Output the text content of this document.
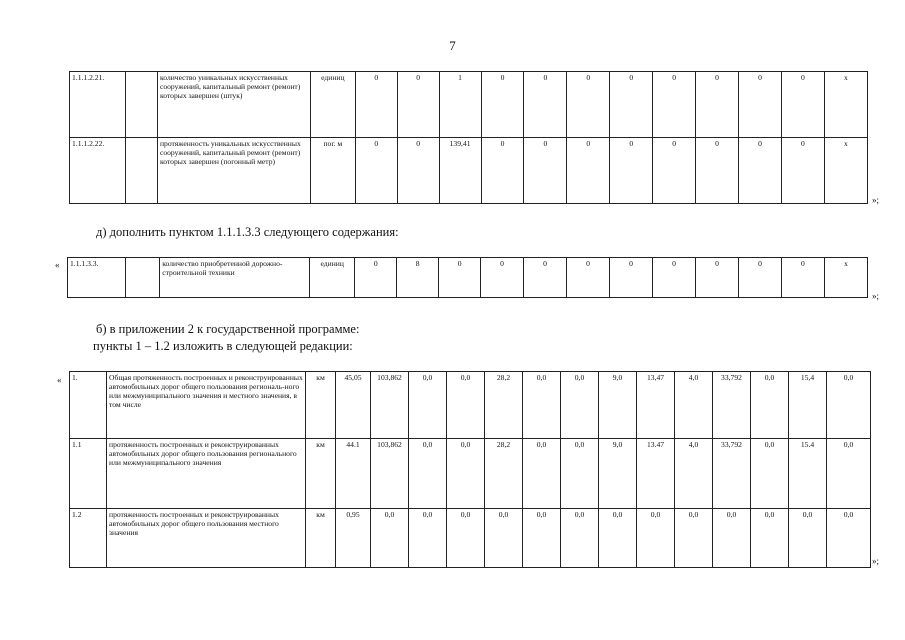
7
1.1.1.2.21.		количество уникальных искусственных сооружений, капитальный ремонт (ремонт) которых завершен (штук)	единиц	0	0	1	0	0	0	0	0	0	0	0	x
1.1.1.2.22.		протяженность уникальных искусственных сооружений, капитальный ремонт (ремонт) которых завершен (погонный метр)	пог. м	0	0	139,41	0	0	0	0	0	0	0	0	x
»;
д) дополнить пунктом 1.1.1.3.3 следующего содержания:
« 1.1.1.3.3.		количество приобретенной дорожно-строительной техники	единиц	0	8	0	0	0	0	0	0	0	0	0	x
»;
б) в приложении 2 к государственной программе:
пункты 1 – 1.2 изложить в следующей редакции:
« 1.	Общая протяженность построенных и реконструированных автомобильных дорог общего пользования региональ-ного или межмуниципального значения и местного значения, в том числе	км	45,05	103,862	0,0	0,0	28,2	0,0	0,0	9,0	13,47	4,0	33,792	0,0	15,4	0,0
1.1	протяженность построенных и реконструированных автомобильных дорог общего пользования регионального или межмуниципального значения	км	44.1	103,862	0,0	0,0	28,2	0,0	0,0	9,0	13.47	4,0	33,792	0,0	15.4	0,0
1.2	протяженность построенных и реконструированных автомобильных дорог общего пользования местного значения	км	0,95	0,0	0,0	0,0	0,0	0,0	0,0	0,0	0,0	0,0	0,0	0,0	0,0	0,0
»;
